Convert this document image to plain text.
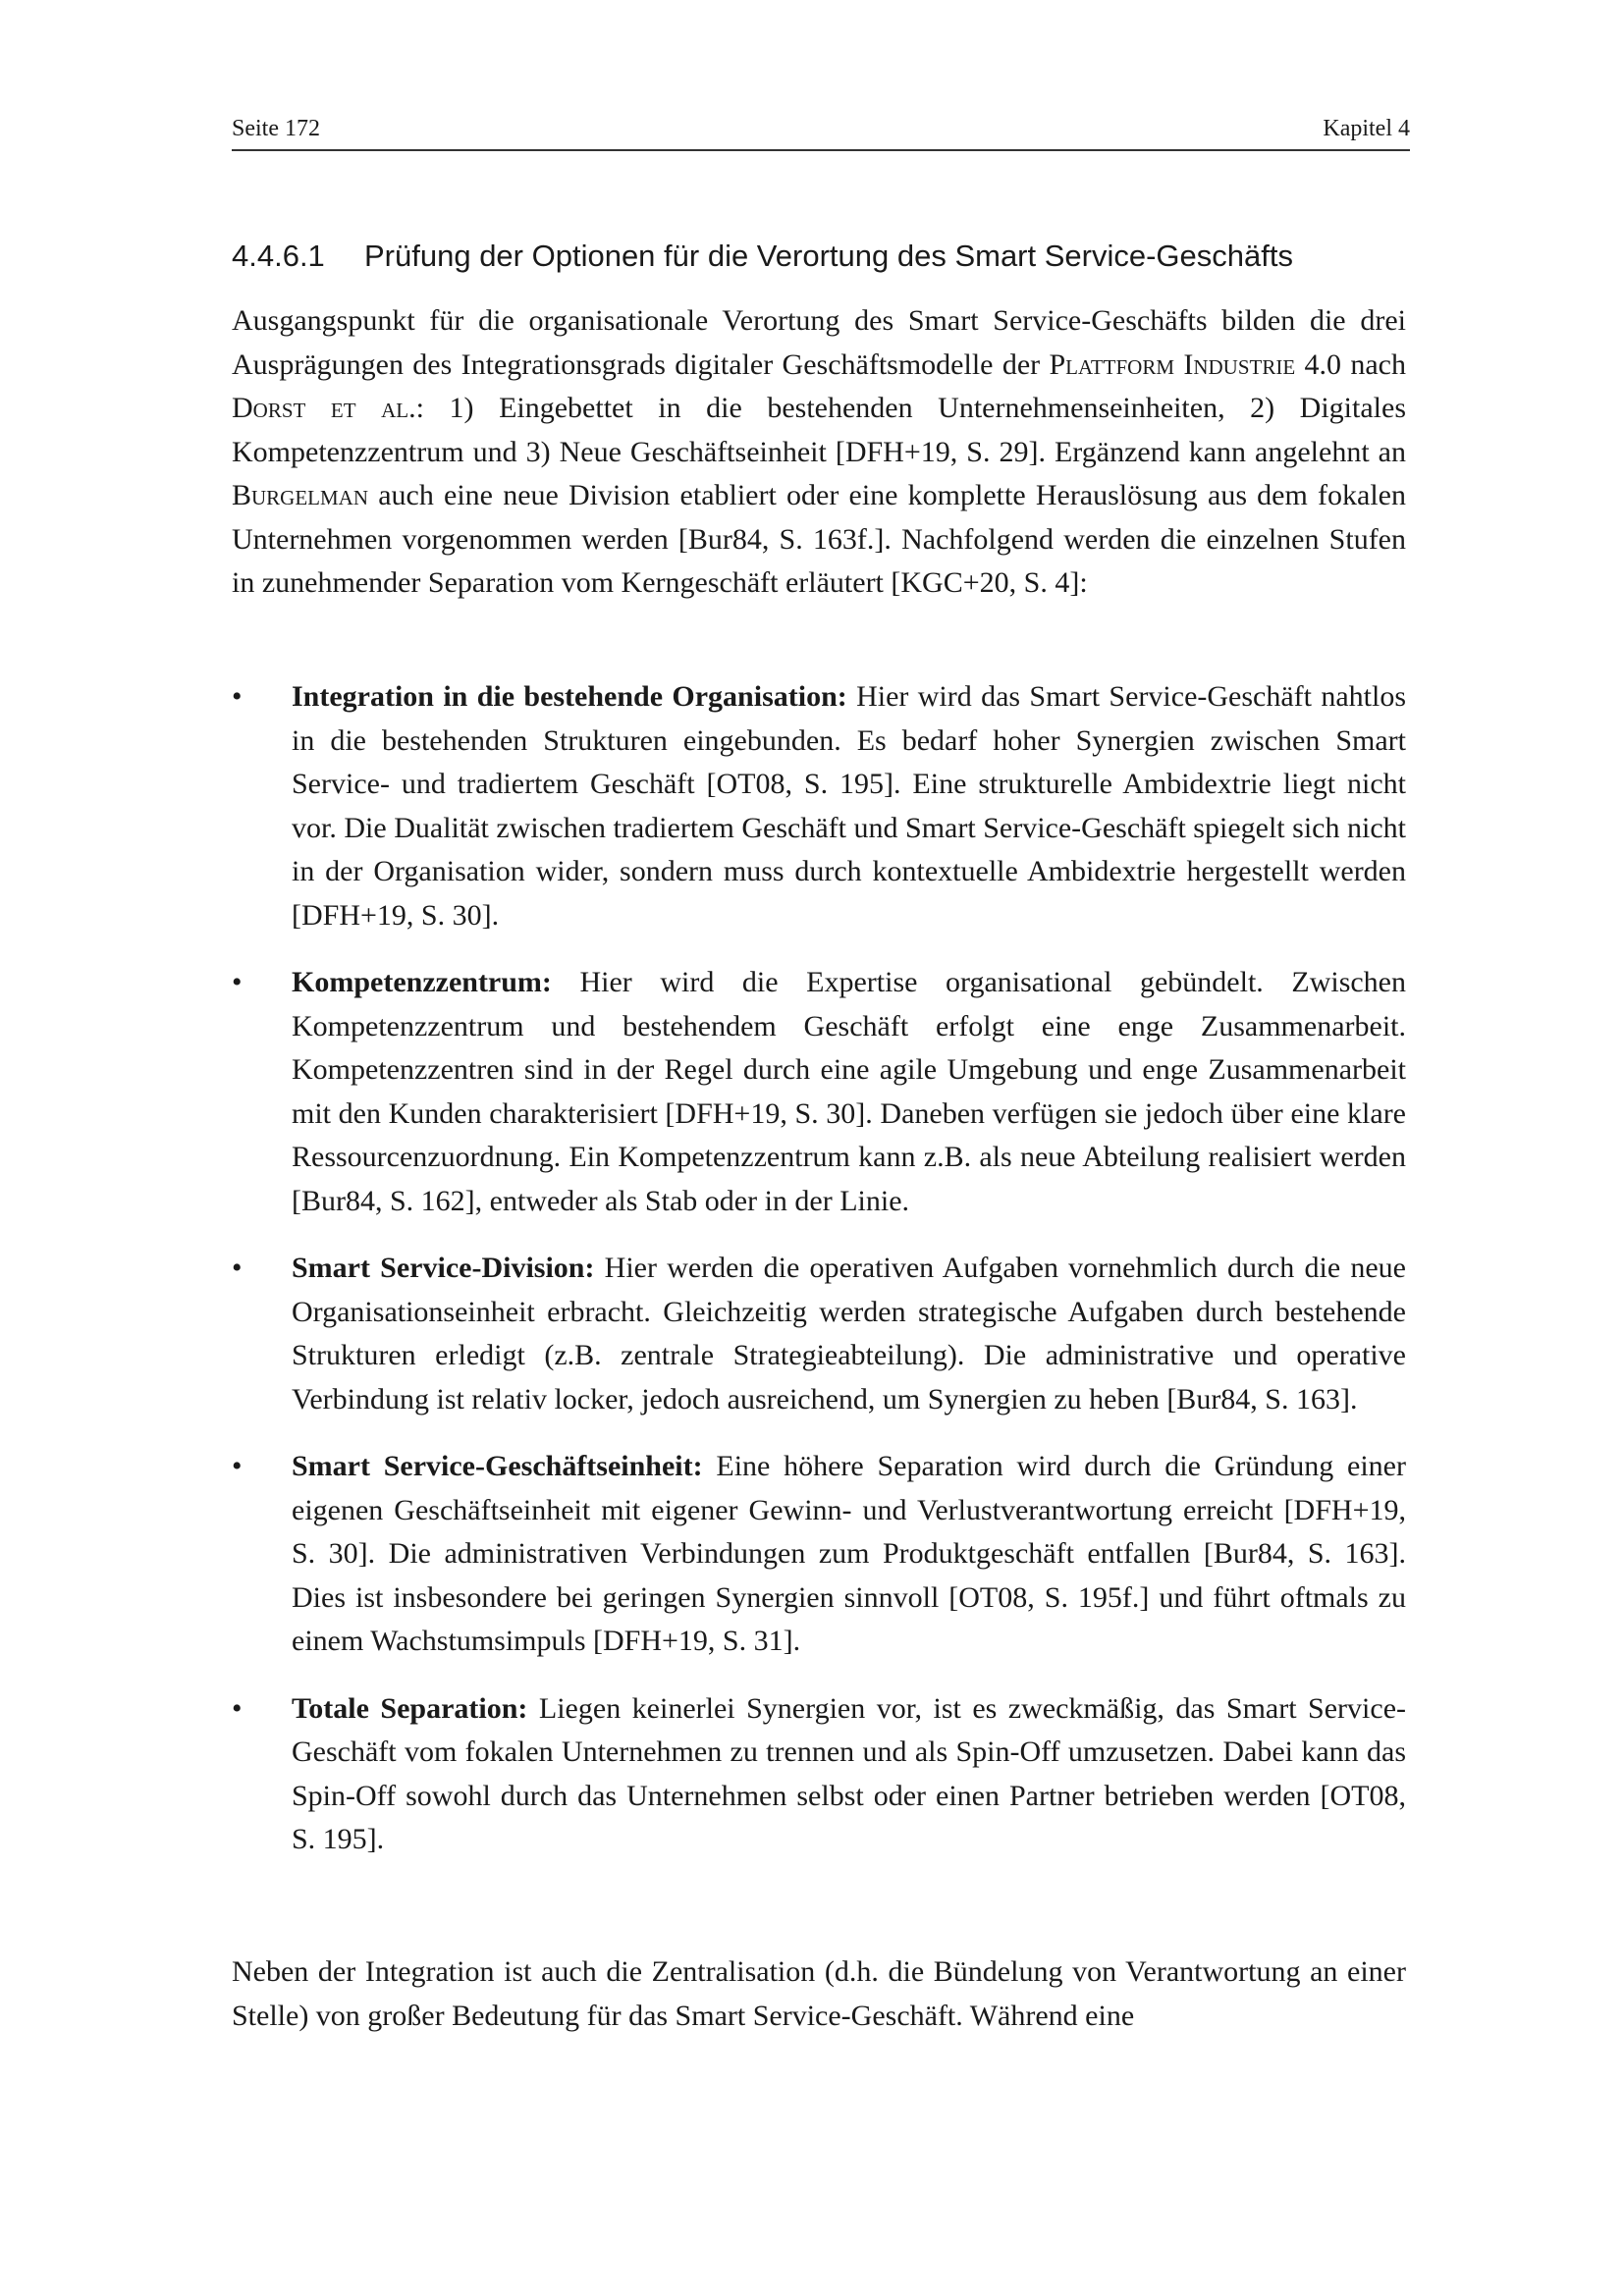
Seite 172	Kapitel 4
4.4.6.1 Prüfung der Optionen für die Verortung des Smart Service-Geschäfts
Ausgangspunkt für die organisationale Verortung des Smart Service-Geschäfts bilden die drei Ausprägungen des Integrationsgrads digitaler Geschäftsmodelle der Plattform Industrie 4.0 nach Dorst et al.: 1) Eingebettet in die bestehenden Unternehmenseinheiten, 2) Digitales Kompetenzzentrum und 3) Neue Geschäftseinheit [DFH+19, S. 29]. Ergänzend kann angelehnt an Burgelman auch eine neue Division etabliert oder eine komplette Herauslösung aus dem fokalen Unternehmen vorgenommen werden [Bur84, S. 163f.]. Nachfolgend werden die einzelnen Stufen in zunehmender Separation vom Kerngeschäft erläutert [KGC+20, S. 4]:
•	Integration in die bestehende Organisation: Hier wird das Smart Service-Geschäft nahtlos in die bestehenden Strukturen eingebunden. Es bedarf hoher Synergien zwischen Smart Service- und tradiertem Geschäft [OT08, S. 195]. Eine strukturelle Ambidextrie liegt nicht vor. Die Dualität zwischen tradiertem Geschäft und Smart Service-Geschäft spiegelt sich nicht in der Organisation wider, sondern muss durch kontextuelle Ambidextrie hergestellt werden [DFH+19, S. 30].
•	Kompetenzzentrum: Hier wird die Expertise organisational gebündelt. Zwischen Kompetenzzentrum und bestehendem Geschäft erfolgt eine enge Zusammenarbeit. Kompetenzzentren sind in der Regel durch eine agile Umgebung und enge Zusammenarbeit mit den Kunden charakterisiert [DFH+19, S. 30]. Daneben verfügen sie jedoch über eine klare Ressourcenzuordnung. Ein Kompetenzzentrum kann z.B. als neue Abteilung realisiert werden [Bur84, S. 162], entweder als Stab oder in der Linie.
•	Smart Service-Division: Hier werden die operativen Aufgaben vornehmlich durch die neue Organisationseinheit erbracht. Gleichzeitig werden strategische Aufgaben durch bestehende Strukturen erledigt (z.B. zentrale Strategieabteilung). Die administrative und operative Verbindung ist relativ locker, jedoch ausreichend, um Synergien zu heben [Bur84, S. 163].
•	Smart Service-Geschäftseinheit: Eine höhere Separation wird durch die Gründung einer eigenen Geschäftseinheit mit eigener Gewinn- und Verlustverantwortung erreicht [DFH+19, S. 30]. Die administrativen Verbindungen zum Produktgeschäft entfallen [Bur84, S. 163]. Dies ist insbesondere bei geringen Synergien sinnvoll [OT08, S. 195f.] und führt oftmals zu einem Wachstumsimpuls [DFH+19, S. 31].
•	Totale Separation: Liegen keinerlei Synergien vor, ist es zweckmäßig, das Smart Service-Geschäft vom fokalen Unternehmen zu trennen und als Spin-Off umzusetzen. Dabei kann das Spin-Off sowohl durch das Unternehmen selbst oder einen Partner betrieben werden [OT08, S. 195].
Neben der Integration ist auch die Zentralisation (d.h. die Bündelung von Verantwortung an einer Stelle) von großer Bedeutung für das Smart Service-Geschäft. Während eine
